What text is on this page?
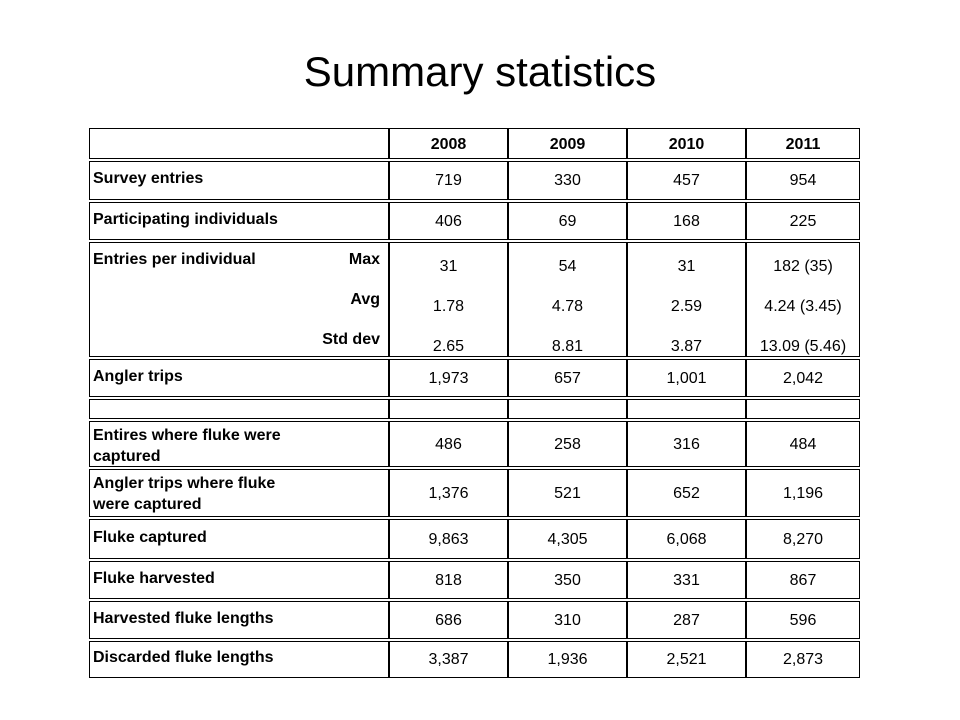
Summary statistics
2008	2009	2010	2011
Survey entries	719	330	457	954
Participating individuals	406	69	168	225
Entries per individual	Max	31	54	31	182 (35)
Avg	1.78	4.78	2.59	4.24 (3.45)
Std dev	2.65	8.81	3.87	13.09 (5.46)
Angler trips	1,973	657	1,001	2,042
Entires where fluke were
captured
486	258	316	484
Angler trips where fluke
were captured
1,376	521	652	1,196
Fluke captured	9,863	4,305	6,068	8,270
Fluke harvested	818	350	331	867
Harvested fluke lengths	686	310	287	596
Discarded fluke lengths	3,387	1,936	2,521	2,873
